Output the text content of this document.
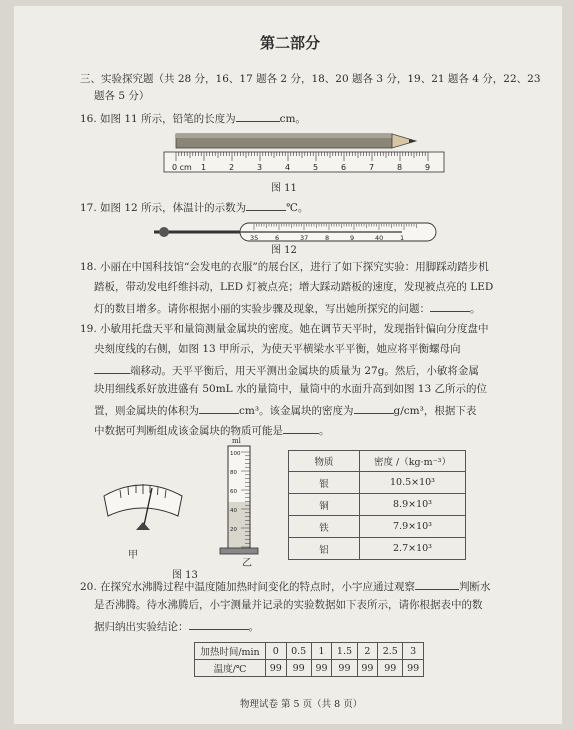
第二部分
三、实验探究题（共 28 分，16、17 题各 2 分，18、20 题各 3 分，19、21 题各 4 分，22、23
题各 5 分）
16. 如图 11 所示，铅笔的长度为	cm。
0 cm 1	2	3	4	5	6	7	8	9
图 11
17. 如图 12 所示，体温计的示数为	℃。
35	6	37	8	9	40	1
图 12
18. 小丽在中国科技馆“会发电的衣服”的展台区，进行了如下探究实验：用脚踩动踏步机
踏板，带动发电纤维抖动，LED 灯被点亮；增大踩动踏板的速度，发现被点亮的 LED
灯的数目增多。请你根据小丽的实验步骤及现象，写出她所探究的问题：	。
19. 小敏用托盘天平和量筒测量金属块的密度。她在调节天平时，发现指针偏向分度盘中
央刻度线的右侧，如图 13 甲所示，为使天平横梁水平平衡，她应将平衡螺母向
端移动。天平平衡后，用天平测出金属块的质量为 27g。然后，小敏将金属
块用细线系好放进盛有 50mL 水的量筒中，量筒中的水面升高到如图 13 乙所示的位
置，则金属块的体积为	cm³。该金属块的密度为	g/cm³，根据下表
中数据可判断组成该金属块的物质可能是	。
甲
100
80
60
40
20
ml
乙
图 13
物质	密度 /（kg·m⁻³）
银	10.5×10³
铜	8.9×10³
铁	7.9×10³
铝	2.7×10³
20. 在探究水沸腾过程中温度随加热时间变化的特点时，小宇应通过观察	判断水
是否沸腾。待水沸腾后，小宇测量并记录的实验数据如下表所示，请你根据表中的数
据归纳出实验结论：	。
加热时间/min	0	0.5	1	1.5	2	2.5	3
温度/℃	99	99	99	99	99	99	99
物理试卷 第 5 页（共 8 页）
